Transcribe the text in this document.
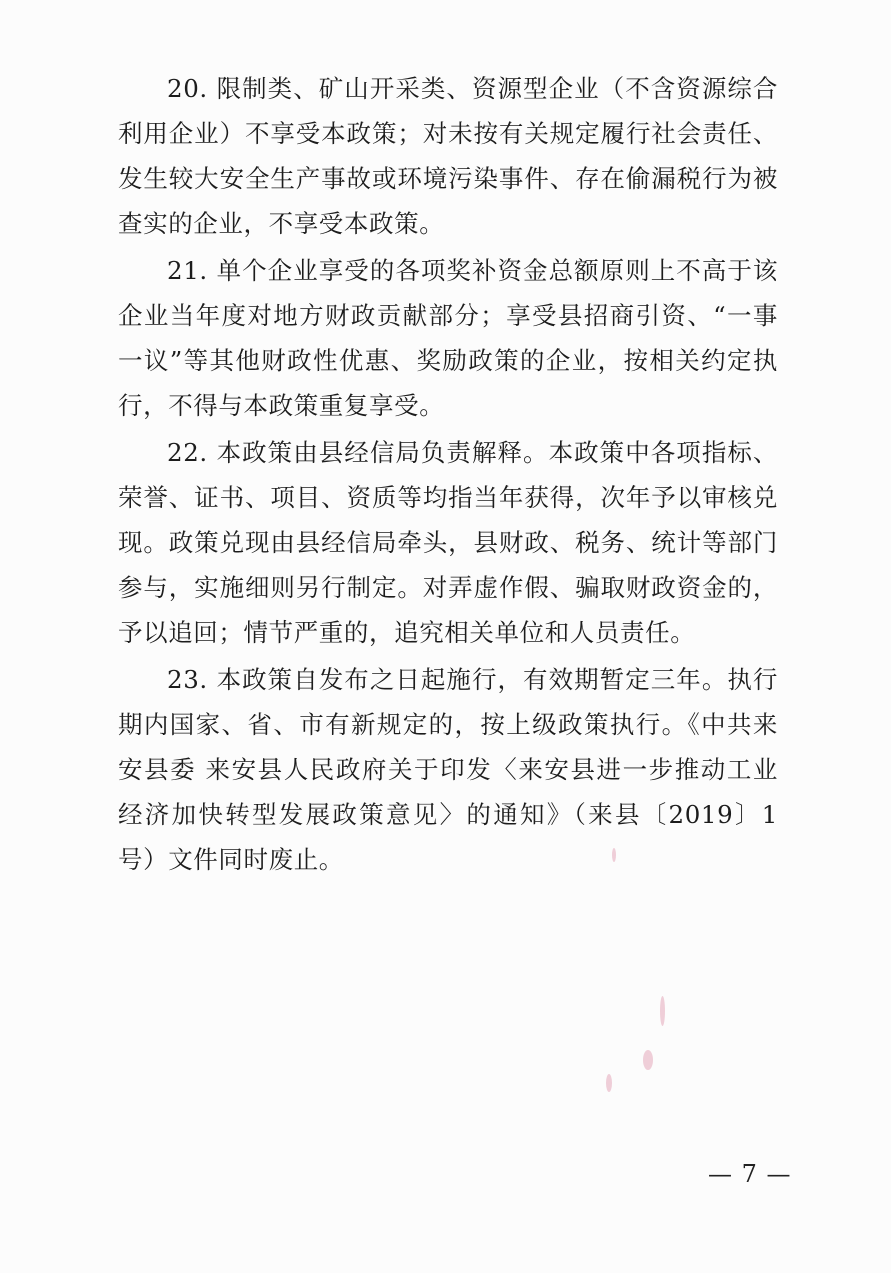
20. 限制类、矿山开采类、资源型企业（不含资源综合利用企业）不享受本政策；对未按有关规定履行社会责任、发生较大安全生产事故或环境污染事件、存在偷漏税行为被查实的企业，不享受本政策。

21. 单个企业享受的各项奖补资金总额原则上不高于该企业当年度对地方财政贡献部分；享受县招商引资、“一事一议”等其他财政性优惠、奖励政策的企业，按相关约定执行，不得与本政策重复享受。

22. 本政策由县经信局负责解释。本政策中各项指标、荣誉、证书、项目、资质等均指当年获得，次年予以审核兑现。政策兑现由县经信局牵头，县财政、税务、统计等部门参与，实施细则另行制定。对弄虚作假、骗取财政资金的，予以追回；情节严重的，追究相关单位和人员责任。

23. 本政策自发布之日起施行，有效期暂定三年。执行期内国家、省、市有新规定的，按上级政策执行。《中共来安县委 来安县人民政府关于印发〈来安县进一步推动工业经济加快转型发展政策意见〉的通知》（来县〔2019〕1 号）文件同时废止。

— 7 —
